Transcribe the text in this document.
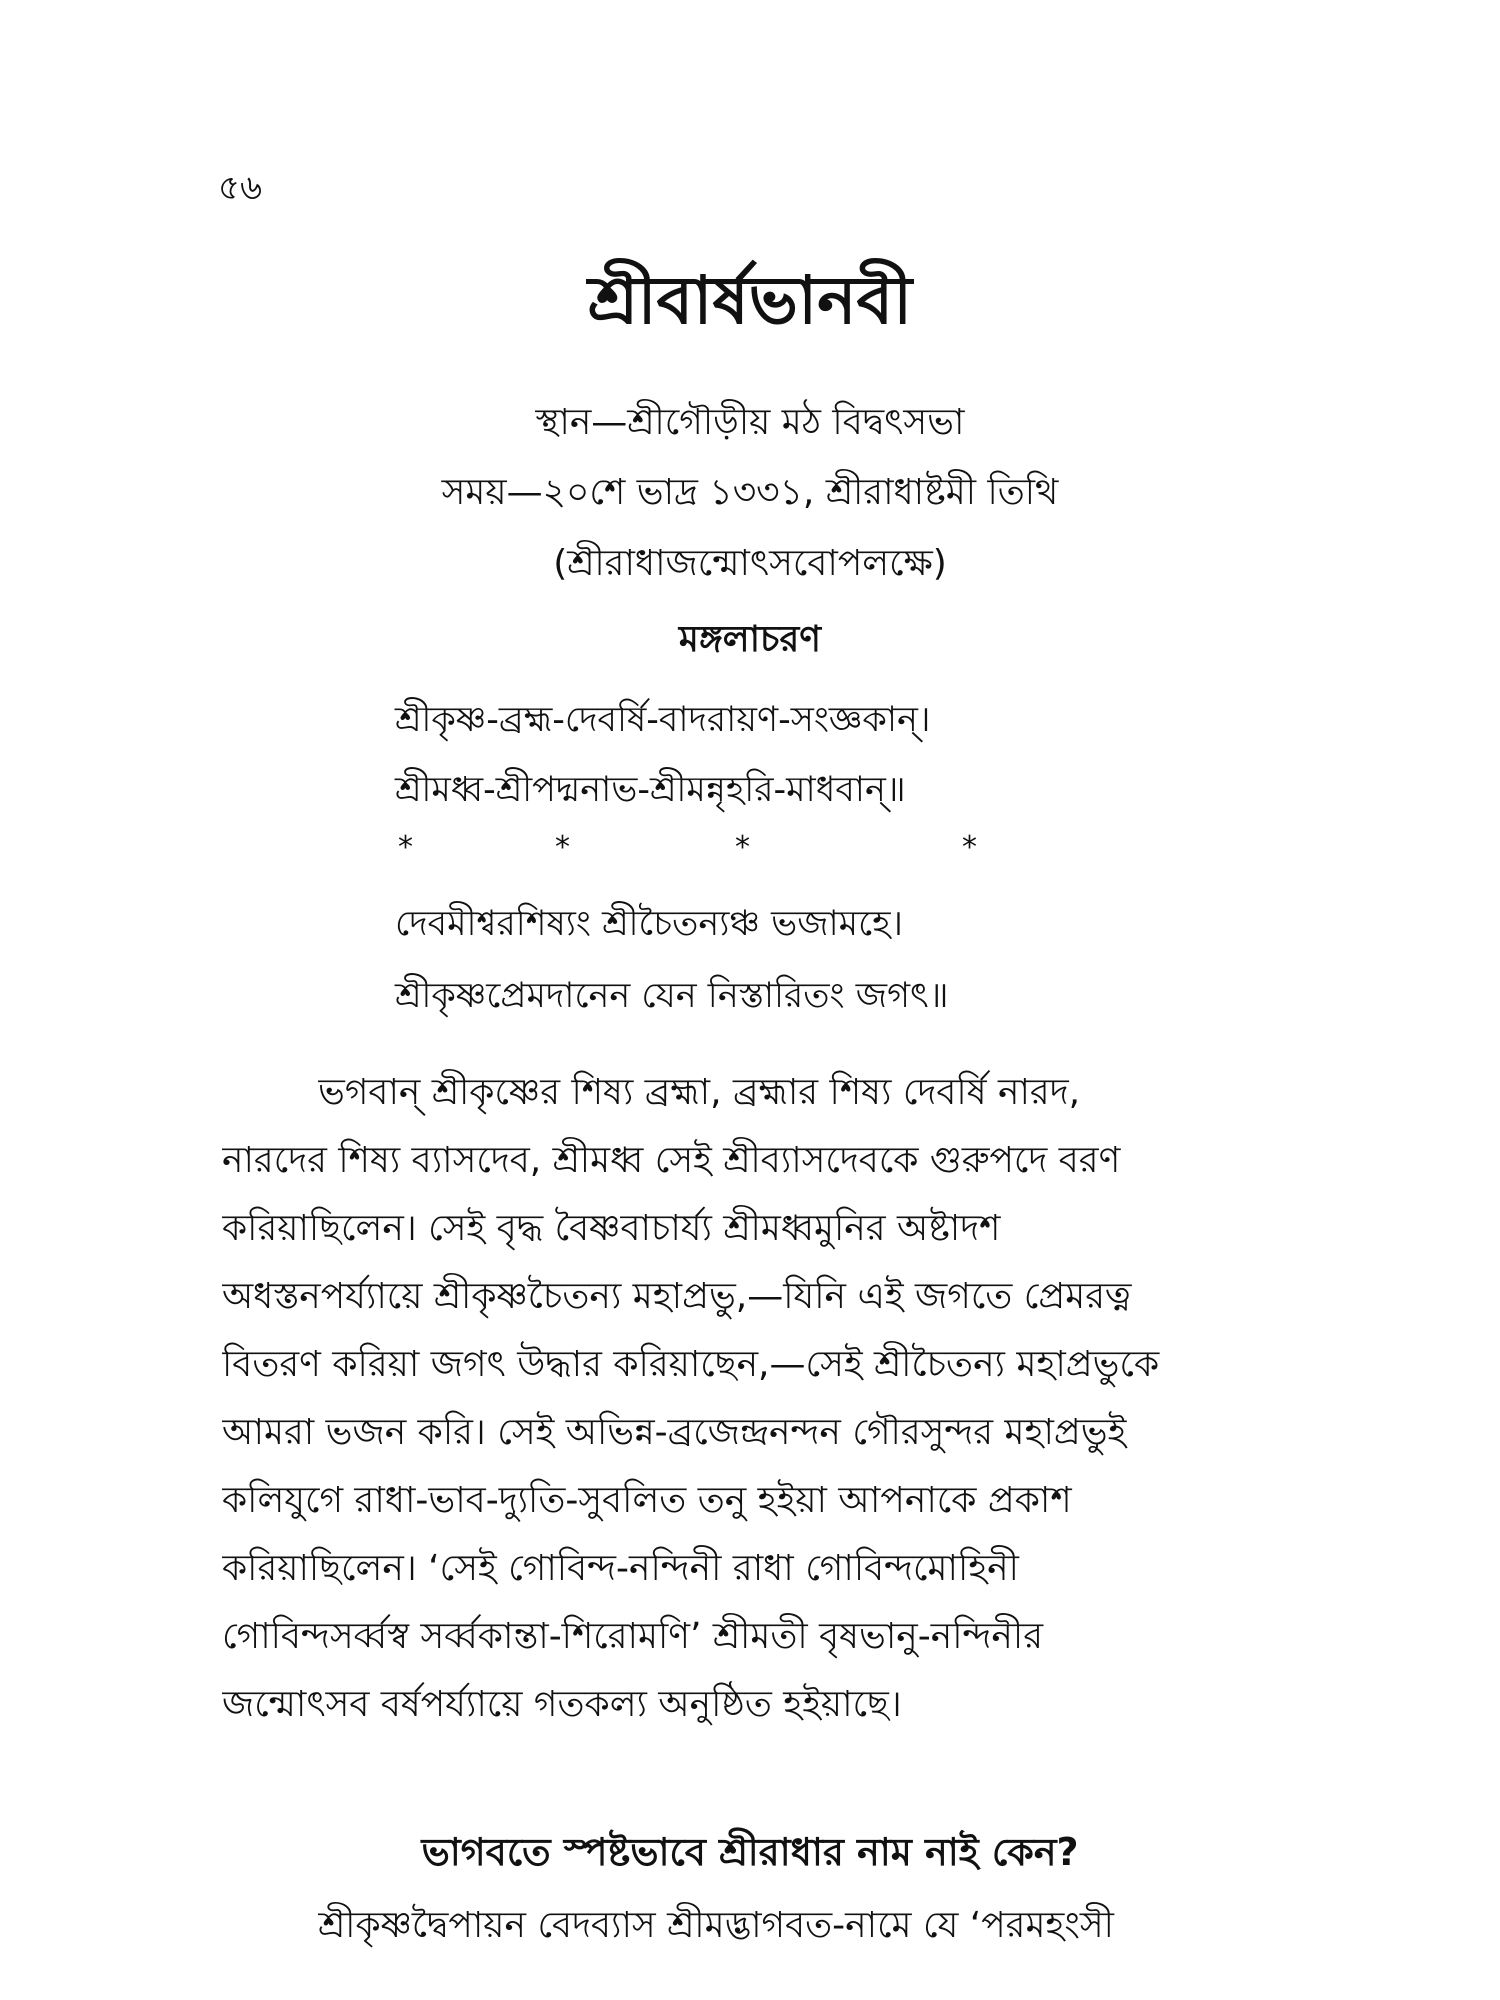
৫৬
শ্রীবার্ষভানবী
স্থান—শ্রীগৌড়ীয় মঠ বিদ্বৎসভা
সময়—২০শে ভাদ্র ১৩৩১, শ্রীরাধাষ্টমী তিথি
(শ্রীরাধাজন্মোৎসবোপলক্ষে)
মঙ্গলাচরণ
শ্রীকৃষ্ণ-ব্রহ্ম-দেবর্ষি-বাদরায়ণ-সংজ্ঞকান্।
শ্রীমধ্ব-শ্রীপদ্মনাভ-শ্রীমন্নৃহরি-মাধবান্॥
*	*	*	*
দেবমীশ্বরশিষ্যং শ্রীচৈতন্যঞ্চ ভজামহে।
শ্রীকৃষ্ণপ্রেমদানেন যেন নিস্তারিতং জগৎ॥
ভগবান্ শ্রীকৃষ্ণের শিষ্য ব্রহ্মা, ব্রহ্মার শিষ্য দেবর্ষি নারদ,
নারদের শিষ্য ব্যাসদেব, শ্রীমধ্ব সেই শ্রীব্যাসদেবকে গুরুপদে বরণ
করিয়াছিলেন। সেই বৃদ্ধ বৈষ্ণবাচার্য্য শ্রীমধ্বমুনির অষ্টাদশ
অধস্তনপর্য্যায়ে শ্রীকৃষ্ণচৈতন্য মহাপ্রভু,—যিনি এই জগতে প্রেমরত্ন
বিতরণ করিয়া জগৎ উদ্ধার করিয়াছেন,—সেই শ্রীচৈতন্য মহাপ্রভুকে
আমরা ভজন করি। সেই অভিন্ন-ব্রজেন্দ্রনন্দন গৌরসুন্দর মহাপ্রভুই
কলিযুগে রাধা-ভাব-দ্যুতি-সুবলিত তনু হইয়া আপনাকে প্রকাশ
করিয়াছিলেন। ‘সেই গোবিন্দ-নন্দিনী রাধা গোবিন্দমোহিনী
গোবিন্দসর্ব্বস্ব সর্ব্বকান্তা-শিরোমণি’ শ্রীমতী বৃষভানু-নন্দিনীর
জন্মোৎসব বর্ষপর্য্যায়ে গতকল্য অনুষ্ঠিত হইয়াছে।
ভাগবতে স্পষ্টভাবে শ্রীরাধার নাম নাই কেন?
শ্রীকৃষ্ণদ্বৈপায়ন বেদব্যাস শ্রীমদ্ভাগবত-নামে যে ‘পরমহংসী
